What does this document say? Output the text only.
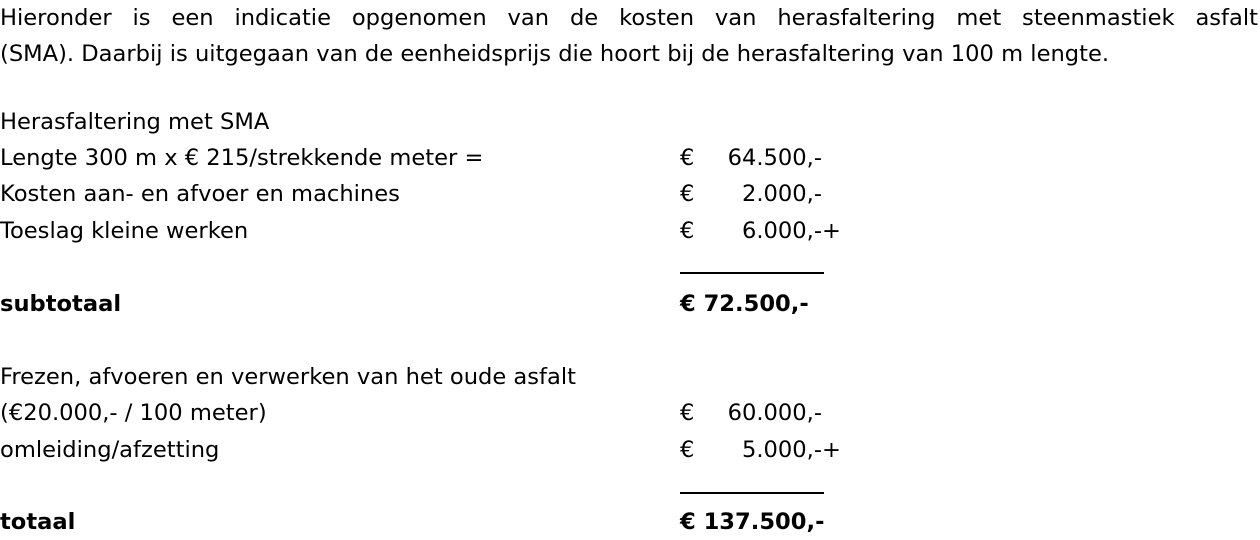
Hieronder is een indicatie opgenomen van de kosten van herasfaltering met steenmastiek asfalt
(SMA). Daarbij is uitgegaan van de eenheidsprijs die hoort bij de herasfaltering van 100 m lengte.
Herasfaltering met SMA
Lengte 300 m x € 215/strekkende meter =	€	64.500,-
Kosten aan- en afvoer en machines	€	2.000,-
Toeslag kleine werken	€	6.000,- +
subtotaal	€ 72.500,-
Frezen, afvoeren en verwerken van het oude asfalt
(€20.000,- / 100 meter)	€	60.000,-
omleiding/afzetting	€	5.000,- +
totaal	€ 137.500,-
